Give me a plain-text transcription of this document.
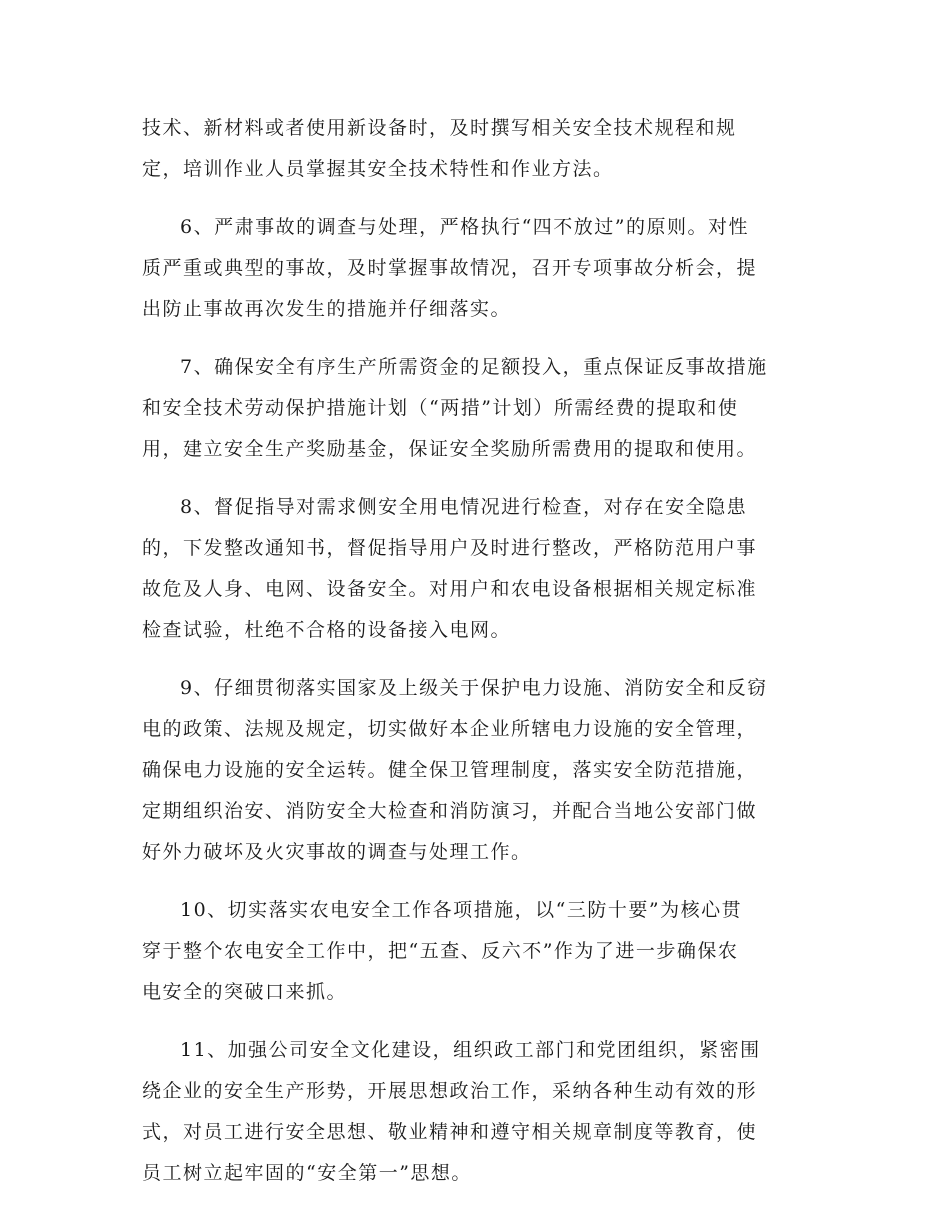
技术、新材料或者使用新设备时，及时撰写相关安全技术规程和规
定，培训作业人员掌握其安全技术特性和作业方法。

6、严肃事故的调查与处理，严格执行“四不放过”的原则。对性
质严重或典型的事故，及时掌握事故情况，召开专项事故分析会，提
出防止事故再次发生的措施并仔细落实。

7、确保安全有序生产所需资金的足额投入，重点保证反事故措施
和安全技术劳动保护措施计划（“两措”计划）所需经费的提取和使
用，建立安全生产奖励基金，保证安全奖励所需费用的提取和使用。

8、督促指导对需求侧安全用电情况进行检查，对存在安全隐患
的，下发整改通知书，督促指导用户及时进行整改，严格防范用户事
故危及人身、电网、设备安全。对用户和农电设备根据相关规定标准
检查试验，杜绝不合格的设备接入电网。

9、仔细贯彻落实国家及上级关于保护电力设施、消防安全和反窃
电的政策、法规及规定，切实做好本企业所辖电力设施的安全管理，
确保电力设施的安全运转。健全保卫管理制度，落实安全防范措施，
定期组织治安、消防安全大检查和消防演习，并配合当地公安部门做
好外力破坏及火灾事故的调查与处理工作。

10、切实落实农电安全工作各项措施，以“三防十要”为核心贯
穿于整个农电安全工作中，把“五查、反六不”作为了进一步确保农
电安全的突破口来抓。

11、加强公司安全文化建设，组织政工部门和党团组织，紧密围
绕企业的安全生产形势，开展思想政治工作，采纳各种生动有效的形
式，对员工进行安全思想、敬业精神和遵守相关规章制度等教育，使
员工树立起牢固的“安全第一”思想。
